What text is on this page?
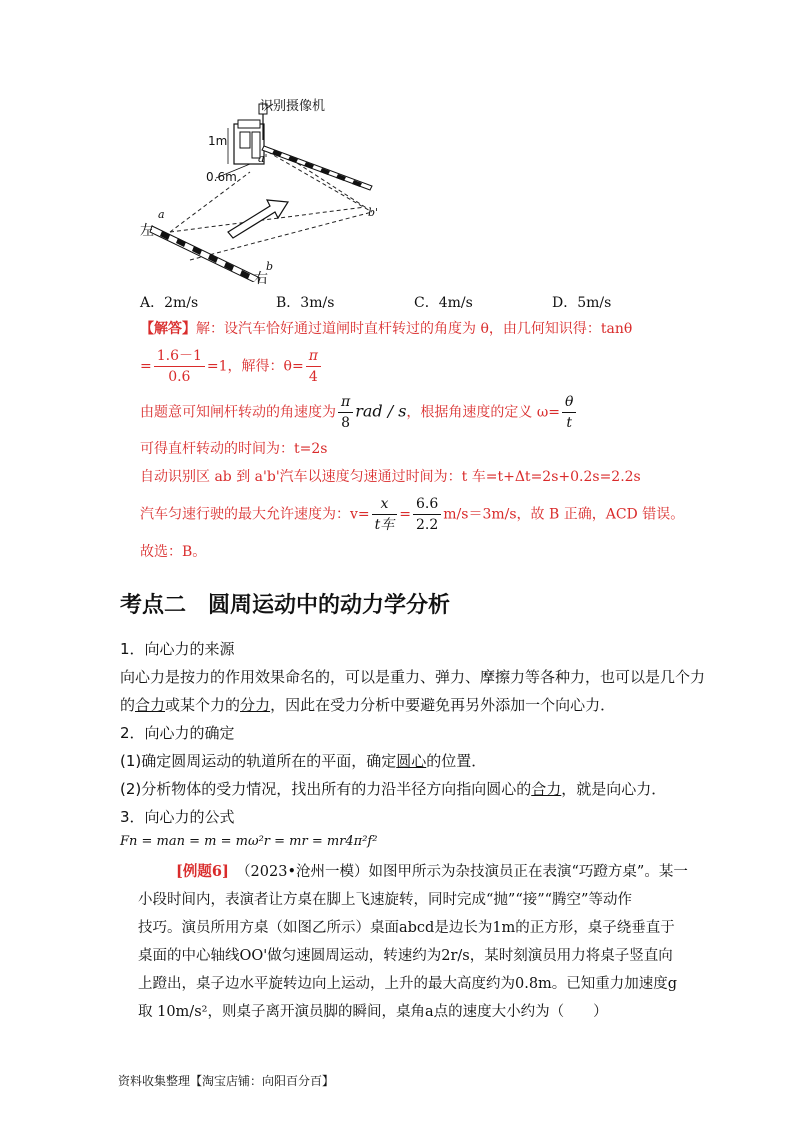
识别摄像机
1m
0.6m
左
右
a
b
a'
b'
A．2m/s	B．3m/s	C．4m/s	D．5m/s
【解答】解：设汽车恰好通过道闸时直杆转过的角度为 θ，由几何知识得：tanθ
= $\frac{1.6-1}{0.6} =1$，解得：$\theta= \frac{\pi}{4}$
由题意可知闸杆转动的角速度为 $\frac{\pi}{8}$ rad / s，根据角速度的定义 $\omega= \frac{\theta}{t}$
可得直杆转动的时间为：t=2s
自动识别区 ab 到 a'b'汽车以速度匀速通过时间为：t 车=t+Δt=2s+0.2s=2.2s
汽车匀速行驶的最大允许速度为：$v= \frac{x}{\text{t车}} = \frac{6.6}{2.2} m/s=3m/s$，故 B 正确，ACD 错误。
故选：B。
考点二　圆周运动中的动力学分析
1．向心力的来源
向心力是按力的作用效果命名的，可以是重力、弹力、摩擦力等各种力，也可以是几个力
的合力或某个力的分力，因此在受力分析中要避免再另外添加一个向心力．
2．向心力的确定
(1)确定圆周运动的轨道所在的平面，确定圆心的位置．
(2)分析物体的受力情况，找出所有的力沿半径方向指向圆心的合力，就是向心力．
3．向心力的公式
Fn = man = m = mω²r = mr = mr4π²f²
[例题6]　 （2023•沧州一模）如图甲所示为杂技演员正在表演“巧蹬方桌”。某一
小段时间内，表演者让方桌在脚上飞速旋转，同时完成“抛”“接”“腾空”等动作
技巧。演员所用方桌（如图乙所示）桌面abcd是边长为1m的正方形，桌子绕垂直于
桌面的中心轴线OO'做匀速圆周运动，转速约为2r/s，某时刻演员用力将桌子竖直向
上蹬出，桌子边水平旋转边向上运动，上升的最大高度约为0.8m。已知重力加速度g
取 10m/s²，则桌子离开演员脚的瞬间，桌角a点的速度大小约为（　　）
资料收集整理【淘宝店铺：向阳百分百】
